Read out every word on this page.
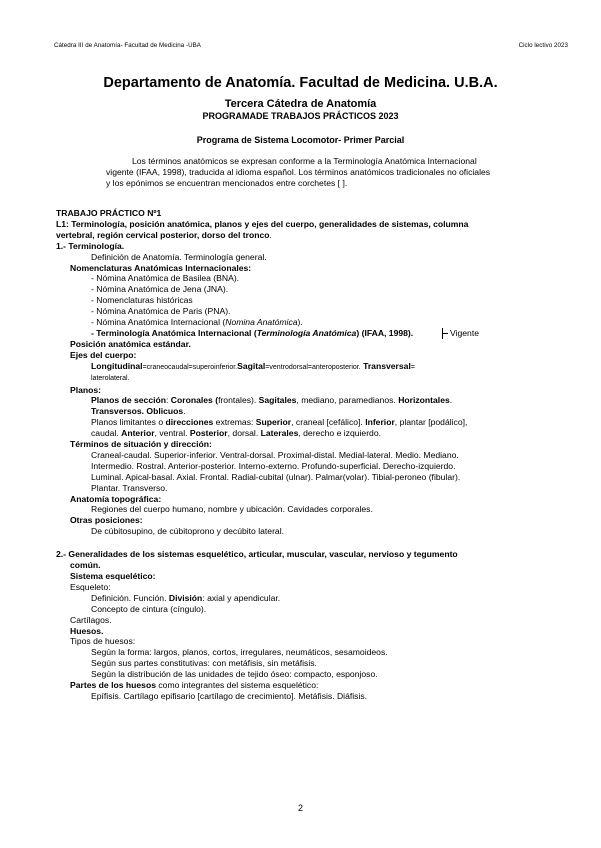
Cátedra III de Anatomía- Facultad de Medicina -UBA	Ciclo lectivo 2023
Departamento de Anatomía. Facultad de Medicina. U.B.A.
Tercera Cátedra de Anatomía
PROGRAMADE TRABAJOS PRÁCTICOS 2023
Programa de Sistema Locomotor- Primer Parcial

Los términos anatómicos se expresan conforme a la Terminología Anatómica Internacional

vigente (IFAA, 1998), traducida al idioma español. Los términos anatómicos tradicionales no oficiales

y los epónimos se encuentran mencionados entre corchetes [ ].

TRABAJO PRÁCTICO Nº1
L1: Terminología, posición anatómica, planos y ejes del cuerpo, generalidades de sistemas, columna
vertebral, región cervical posterior, dorso del tronco.
1.- Terminología.
Definición de Anatomía. Terminología general.
Nomenclaturas Anatómicas Internacionales:
- Nómina Anatómica de Basilea (BNA).
- Nómina Anatómica de Jena (JNA).
- Nomenclaturas históricas
- Nómina Anatómica de Paris (PNA).
- Nómina Anatómica Internacional (Nomina Anatómica).
- Terminología Anatómica Internacional (Terminología Anatómica) (IFAA, 1998).	Vigente
Posición anatómica estándar.
Ejes del cuerpo:
Longitudinal=craneocaudal=superoinferior.Sagital=ventrodorsal=anteroposterior. Transversal=
laterolateral.
Planos:
Planos de sección: Coronales (frontales). Sagitales, mediano, paramedianos. Horizontales.
Transversos. Oblicuos.
Planos limitantes o direcciones extremas: Superior, craneal [cefálico]. Inferior, plantar [podálico],
caudal. Anterior, ventral. Posterior, dorsal. Laterales, derecho e izquierdo.
Términos de situación y dirección:
Craneal-caudal. Superior-inferior. Ventral-dorsal. Proximal-distal. Medial-lateral. Medio. Mediano.
Intermedio. Rostral. Anterior-posterior. Interno-externo. Profundo-superficial. Derecho-izquierdo.
Luminal. Apical-basal. Axial. Frontal. Radial-cubital (ulnar). Palmar(volar). Tibial-peroneo (fibular).
Plantar. Transverso.
Anatomía topográfica:
Regiones del cuerpo humano, nombre y ubicación. Cavidades corporales.
Otras posiciones:
De cúbitosupino, de cúbitoprono y decúbito lateral.
2.- Generalidades de los sistemas esquelético, articular, muscular, vascular, nervioso y tegumento
común.
Sistema esquelético:
Esqueleto:
Definición. Función. División: axial y apendicular.
Concepto de cintura (cíngulo).
Cartílagos.
Huesos.
Tipos de huesos:
Según la forma: largos, planos, cortos, irregulares, neumáticos, sesamoideos.
Según sus partes constitutivas: con metáfisis, sin metáfisis.
Según la distribución de las unidades de tejido óseo: compacto, esponjoso.
Partes de los huesos como integrantes del sistema esquelético:
Epífisis. Cartílago epifisario [cartílago de crecimiento]. Metáfisis. Diáfisis.
2
